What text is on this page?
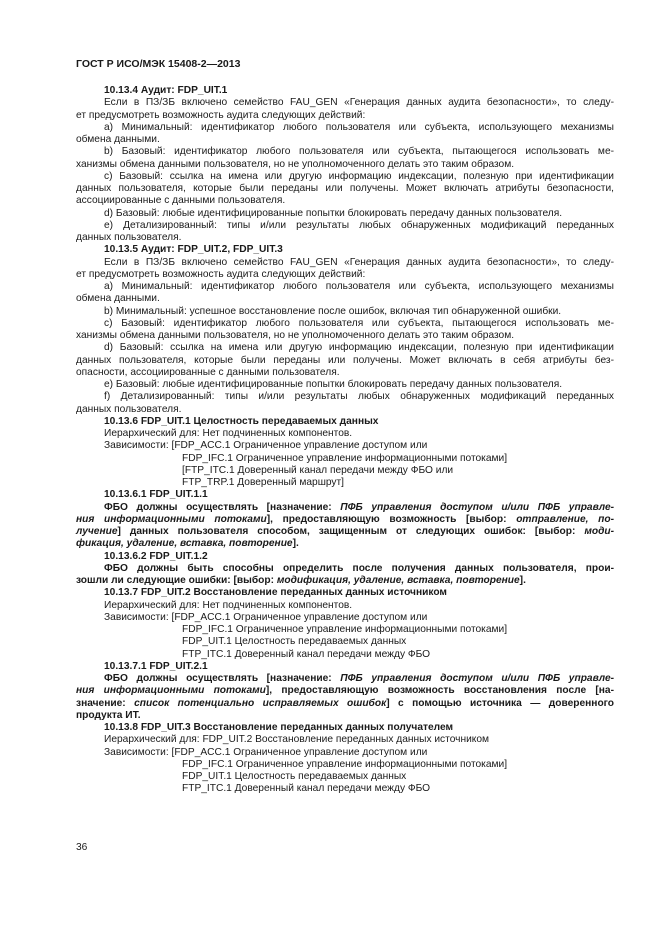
ГОСТ Р ИСО/МЭК 15408-2—2013
10.13.4 Аудит: FDP_UIT.1
Если в ПЗ/ЗБ включено семейство FAU_GEN «Генерация данных аудита безопасности», то следу-
ет предусмотреть возможность аудита следующих действий:
a) Минимальный: идентификатор любого пользователя или субъекта, использующего механизмы
обмена данными.
b) Базовый: идентификатор любого пользователя или субъекта, пытающегося использовать ме-
ханизмы обмена данными пользователя, но не уполномоченного делать это таким образом.
c) Базовый: ссылка на имена или другую информацию индексации, полезную при идентификации
данных пользователя, которые были переданы или получены. Может включать атрибуты безопасности,
ассоциированные с данными пользователя.
d) Базовый: любые идентифицированные попытки блокировать передачу данных пользователя.
e) Детализированный: типы и/или результаты любых обнаруженных модификаций переданных
данных пользователя.
10.13.5 Аудит: FDP_UIT.2, FDP_UIT.3
Если в ПЗ/ЗБ включено семейство FAU_GEN «Генерация данных аудита безопасности», то следу-
ет предусмотреть возможность аудита следующих действий:
a) Минимальный: идентификатор любого пользователя или субъекта, использующего механизмы
обмена данными.
b) Минимальный: успешное восстановление после ошибок, включая тип обнаруженной ошибки.
c) Базовый: идентификатор любого пользователя или субъекта, пытающегося использовать ме-
ханизмы обмена данными пользователя, но не уполномоченного делать это таким образом.
d) Базовый: ссылка на имена или другую информацию индексации, полезную при идентификации
данных пользователя, которые были переданы или получены. Может включать в себя атрибуты без-
опасности, ассоциированные с данными пользователя.
e) Базовый: любые идентифицированные попытки блокировать передачу данных пользователя.
f) Детализированный: типы и/или результаты любых обнаруженных модификаций переданных
данных пользователя.
10.13.6 FDP_UIT.1 Целостность передаваемых данных
Иерархический для: Нет подчиненных компонентов.
Зависимости: [FDP_ACC.1 Ограниченное управление доступом или
FDP_IFC.1 Ограниченное управление информационными потоками]
[FTP_ITC.1 Доверенный канал передачи между ФБО или
FTP_TRP.1 Доверенный маршрут]
10.13.6.1 FDP_UIT.1.1
ФБО должны осуществлять [назначение: ПФБ управления доступом и/или ПФБ управле-
ния информационными потоками], предоставляющую возможность [выбор: отправление, по-
лучение] данных пользователя способом, защищенным от следующих ошибок: [выбор: моди-
фикация, удаление, вставка, повторение].
10.13.6.2 FDP_UIT.1.2
ФБО должны быть способны определить после получения данных пользователя, прои-
зошли ли следующие ошибки: [выбор: модификация, удаление, вставка, повторение].
10.13.7 FDP_UIT.2 Восстановление переданных данных источником
Иерархический для: Нет подчиненных компонентов.
Зависимости: [FDP_ACC.1 Ограниченное управление доступом или
FDP_IFC.1 Ограниченное управление информационными потоками]
FDP_UIT.1 Целостность передаваемых данных
FTP_ITC.1 Доверенный канал передачи между ФБО
10.13.7.1 FDP_UIT.2.1
ФБО должны осуществлять [назначение: ПФБ управления доступом и/или ПФБ управле-
ния информационными потоками], предоставляющую возможность восстановления после [на-
значение: список потенциально исправляемых ошибок] с помощью источника — доверенного
продукта ИТ.
10.13.8 FDP_UIT.3 Восстановление переданных данных получателем
Иерархический для: FDP_UIT.2 Восстановление переданных данных источником
Зависимости: [FDP_ACC.1 Ограниченное управление доступом или
FDP_IFC.1 Ограниченное управление информационными потоками]
FDP_UIT.1 Целостность передаваемых данных
FTP_ITC.1 Доверенный канал передачи между ФБО
36
